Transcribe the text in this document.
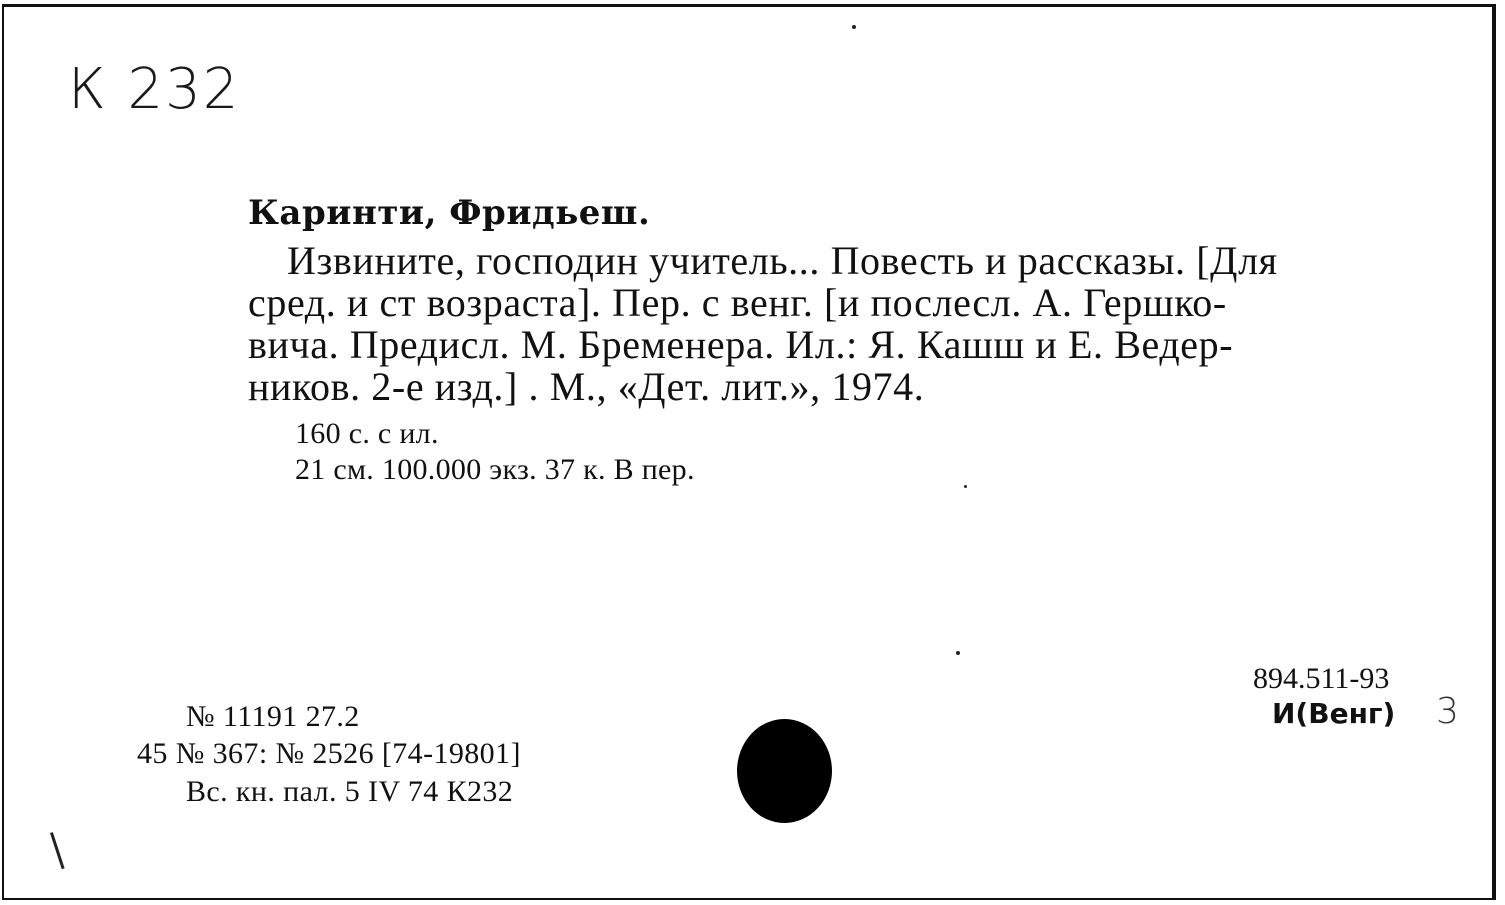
К 232
Каринти, Фридьеш.
Извините, господин учитель... Повесть и рассказы. [Для
сред. и ст возраста]. Пер. с венг. [и послесл. А. Гершко-
вича. Предисл. М. Бременера. Ил.: Я. Кашш и Е. Ведер-
ников. 2-е изд.] . М., «Дет. лит.», 1974.
160 с. с ил.
21 см. 100.000 экз. 37 к. В пер.
№ 11191 27.2
45 № 367: № 2526 [74-19801]
Вс. кн. пал. 5 IV 74 К232
894.511-93
И(Венг) 3
